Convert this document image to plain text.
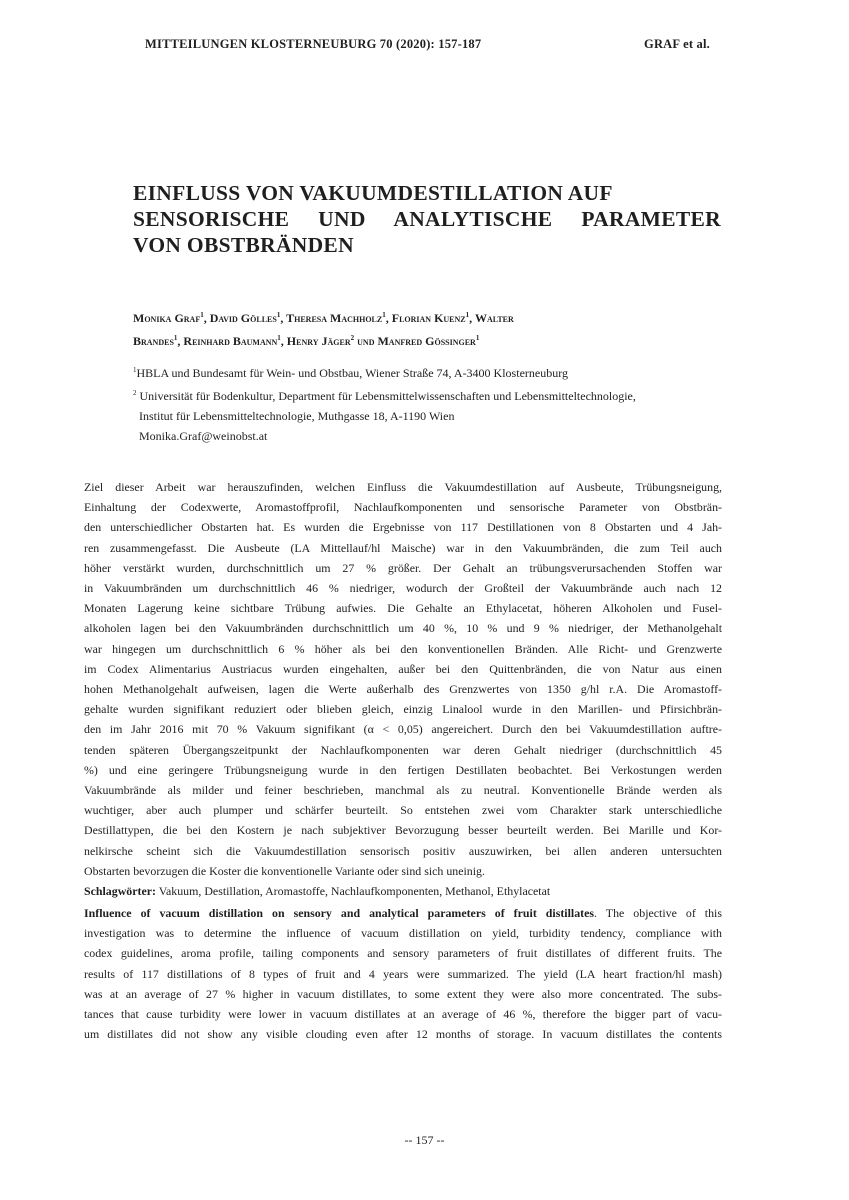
MITTEILUNGEN KLOSTERNEUBURG 70 (2020): 157-187	GRAF et al.
EINFLUSS VON VAKUUMDESTILLATION AUF
SENSORISCHE UND ANALYTISCHE PARAMETER
VON OBSTBRÄNDEN
Monika Graf$^1$, David Gölles$^1$, Theresa Machholz$^1$, Florian Kuenz$^1$, Walter
Brandes$^1$, Reinhard Baumann$^1$, Henry Jäger$^2$ und Manfred Gössinger$^1$
$^1$HBLA und Bundesamt für Wein- und Obstbau, Wiener Straße 74, A-3400 Klosterneuburg
$^2$ Universität für Bodenkultur, Department für Lebensmittelwissenschaften und Lebensmitteltechnologie,
Institut für Lebensmitteltechnologie, Muthgasse 18, A-1190 Wien
Monika.Graf@weinobst.at
Ziel dieser Arbeit war herauszufinden, welchen Einfluss die Vakuumdestillation auf Ausbeute, Trübungsneigung,
Einhaltung der Codexwerte, Aromastoffprofil, Nachlaufkomponenten und sensorische Parameter von Obstbrän-
den unterschiedlicher Obstarten hat. Es wurden die Ergebnisse von 117 Destillationen von 8 Obstarten und 4 Jah-
ren zusammengefasst. Die Ausbeute (LA Mittellauf/hl Maische) war in den Vakuumbränden, die zum Teil auch
höher verstärkt wurden, durchschnittlich um 27 % größer. Der Gehalt an trübungsverursachenden Stoffen war
in Vakuumbränden um durchschnittlich 46 % niedriger, wodurch der Großteil der Vakuumbrände auch nach 12
Monaten Lagerung keine sichtbare Trübung aufwies. Die Gehalte an Ethylacetat, höheren Alkoholen und Fusel-
alkoholen lagen bei den Vakuumbränden durchschnittlich um 40 %, 10 % und 9 % niedriger, der Methanolgehalt
war hingegen um durchschnittlich 6 % höher als bei den konventionellen Bränden. Alle Richt- und Grenzwerte
im Codex Alimentarius Austriacus wurden eingehalten, außer bei den Quittenbränden, die von Natur aus einen
hohen Methanolgehalt aufweisen, lagen die Werte außerhalb des Grenzwertes von 1350 g/hl r.A. Die Aromastoff-
gehalte wurden signifikant reduziert oder blieben gleich, einzig Linalool wurde in den Marillen- und Pfirsichbrän-
den im Jahr 2016 mit 70 % Vakuum signifikant (α < 0,05) angereichert. Durch den bei Vakuumdestillation auftre-
tenden späteren Übergangszeitpunkt der Nachlaufkomponenten war deren Gehalt niedriger (durchschnittlich 45
%) und eine geringere Trübungsneigung wurde in den fertigen Destillaten beobachtet. Bei Verkostungen werden
Vakuumbrände als milder und feiner beschrieben, manchmal als zu neutral. Konventionelle Brände werden als
wuchtiger, aber auch plumper und schärfer beurteilt. So entstehen zwei vom Charakter stark unterschiedliche
Destillattypen, die bei den Kostern je nach subjektiver Bevorzugung besser beurteilt werden. Bei Marille und Kor-
nelkirsche scheint sich die Vakuumdestillation sensorisch positiv auszuwirken, bei allen anderen untersuchten
Obstarten bevorzugen die Koster die konventionelle Variante oder sind sich uneinig.
Schlagwörter: Vakuum, Destillation, Aromastoffe, Nachlaufkomponenten, Methanol, Ethylacetat
Influence of vacuum distillation on sensory and analytical parameters of fruit distillates. The objective of this
investigation was to determine the influence of vacuum distillation on yield, turbidity tendency, compliance with
codex guidelines, aroma profile, tailing components and sensory parameters of fruit distillates of different fruits. The
results of 117 distillations of 8 types of fruit and 4 years were summarized. The yield (LA heart fraction/hl mash)
was at an average of 27 % higher in vacuum distillates, to some extent they were also more concentrated. The subs-
tances that cause turbidity were lower in vacuum distillates at an average of 46 %, therefore the bigger part of vacu-
um distillates did not show any visible clouding even after 12 months of storage. In vacuum distillates the contents
-- 157 --
